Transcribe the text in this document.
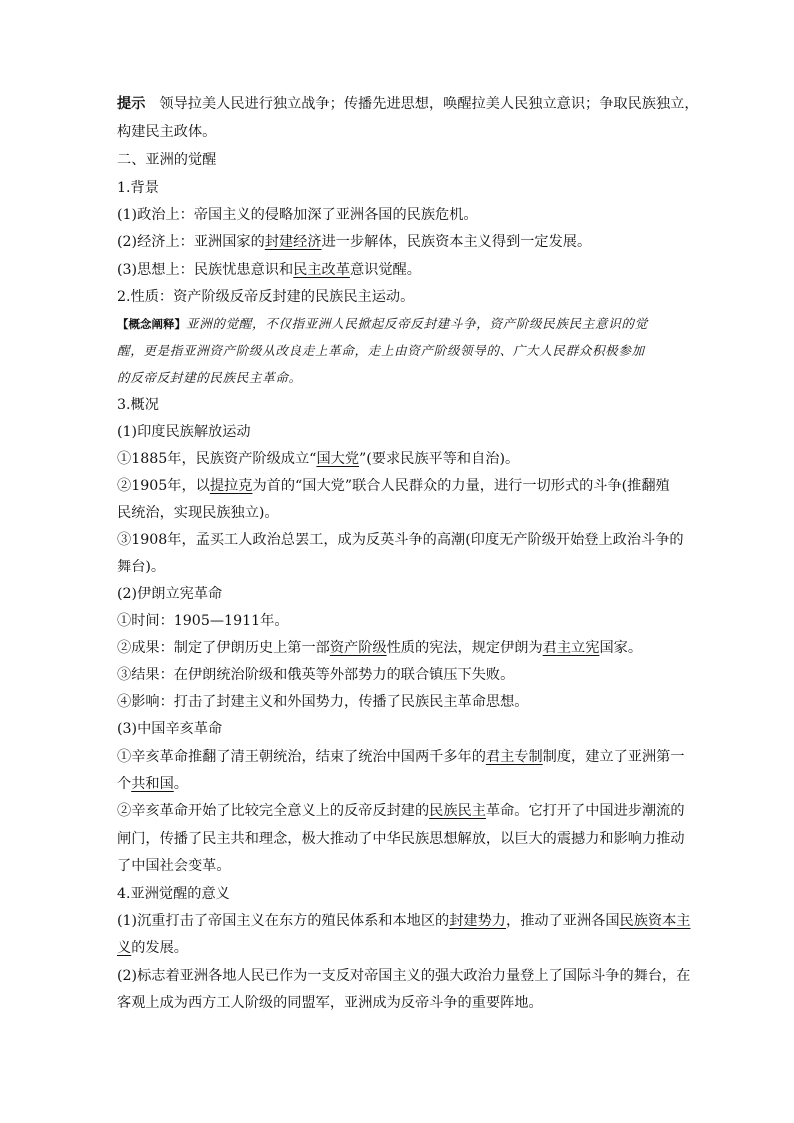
提示 领导拉美人民进行独立战争；传播先进思想，唤醒拉美人民独立意识；争取民族独立，

构建民主政体。

二、亚洲的觉醒

1.背景

(1)政治上：帝国主义的侵略加深了亚洲各国的民族危机。

(2)经济上：亚洲国家的封建经济进一步解体，民族资本主义得到一定发展。

(3)思想上：民族忧患意识和民主改革意识觉醒。

2.性质：资产阶级反帝反封建的民族民主运动。

【概念阐释】亚洲的觉醒，不仅指亚洲人民掀起反帝反封建斗争，资产阶级民族民主意识的觉

醒，更是指亚洲资产阶级从改良走上革命，走上由资产阶级领导的、广大人民群众积极参加

的反帝反封建的民族民主革命。

3.概况

(1)印度民族解放运动

①1885年，民族资产阶级成立“国大党”(要求民族平等和自治)。

②1905年，以提拉克为首的“国大党”联合人民群众的力量，进行一切形式的斗争(推翻殖

民统治，实现民族独立)。

③1908年，孟买工人政治总罢工，成为反英斗争的高潮(印度无产阶级开始登上政治斗争的

舞台)。

(2)伊朗立宪革命

①时间：1905—1911年。

②成果：制定了伊朗历史上第一部资产阶级性质的宪法，规定伊朗为君主立宪国家。

③结果：在伊朗统治阶级和俄英等外部势力的联合镇压下失败。

④影响：打击了封建主义和外国势力，传播了民族民主革命思想。

(3)中国辛亥革命

①辛亥革命推翻了清王朝统治，结束了统治中国两千多年的君主专制制度，建立了亚洲第一

个共和国。

②辛亥革命开始了比较完全意义上的反帝反封建的民族民主革命。它打开了中国进步潮流的

闸门，传播了民主共和理念，极大推动了中华民族思想解放，以巨大的震撼力和影响力推动

了中国社会变革。

4.亚洲觉醒的意义

(1)沉重打击了帝国主义在东方的殖民体系和本地区的封建势力，推动了亚洲各国民族资本主

义的发展。

(2)标志着亚洲各地人民已作为一支反对帝国主义的强大政治力量登上了国际斗争的舞台，在

客观上成为西方工人阶级的同盟军，亚洲成为反帝斗争的重要阵地。
